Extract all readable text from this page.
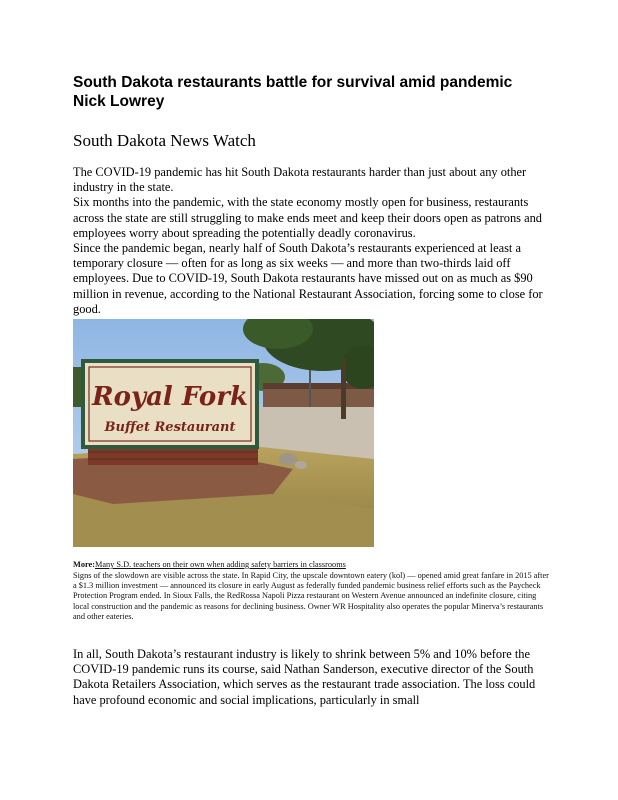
South Dakota restaurants battle for survival amid pandemic
Nick Lowrey
South Dakota News Watch

The COVID-19 pandemic has hit South Dakota restaurants harder than just about any other industry in the state.

Six months into the pandemic, with the state economy mostly open for business, restaurants across the state are still struggling to make ends meet and keep their doors open as patrons and employees worry about spreading the potentially deadly coronavirus.

Since the pandemic began, nearly half of South Dakota’s restaurants experienced at least a temporary closure — often for as long as six weeks — and more than two-thirds laid off employees. Due to COVID-19, South Dakota restaurants have missed out on as much as $90 million in revenue, according to the National Restaurant Association, forcing some to close for good.

Royal Fork
Buffet Restaurant
More:Many S.D. teachers on their own when adding safety barriers in classrooms
Signs of the slowdown are visible across the state. In Rapid City, the upscale downtown eatery (kol) — opened amid great fanfare in 2015 after a $1.3 million investment — announced its closure in early August as federally funded pandemic business relief efforts such as the Paycheck Protection Program ended. In Sioux Falls, the RedRossa Napoli Pizza restaurant on Western Avenue announced an indefinite closure, citing local construction and the pandemic as reasons for declining business. Owner WR Hospitality also operates the popular Minerva’s restaurants and other eateries.

In all, South Dakota’s restaurant industry is likely to shrink between 5% and 10% before the COVID-19 pandemic runs its course, said Nathan Sanderson, executive director of the South Dakota Retailers Association, which serves as the restaurant trade association. The loss could have profound economic and social implications, particularly in small
